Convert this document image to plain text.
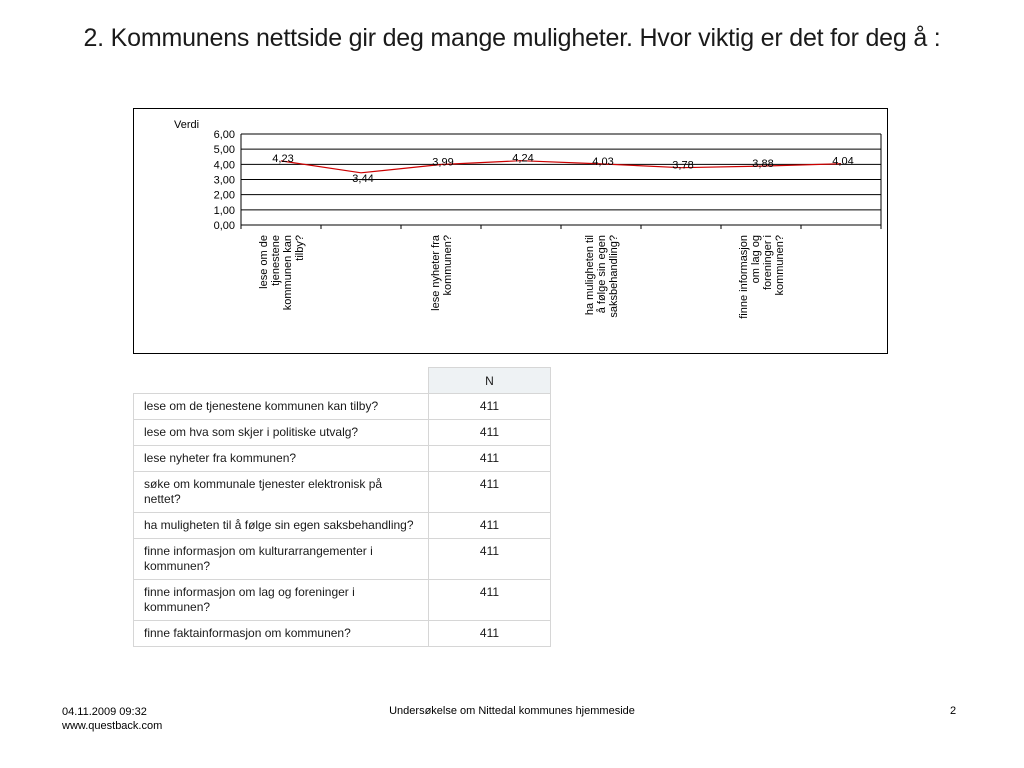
2. Kommunens nettside gir deg mange muligheter. Hvor viktig er det for deg å :
6,00
5,00
4,00
3,00
2,00
1,00
0,00
Verdi
4,23
3,44
3,99	4,24	4,03	3,78	3,88	4,04
lese om de tjenestene kommunen kan tilby?	lese nyheter fra kommunen?	ha muligheten til å følge sin egen saksbehandling?	finne informasjon om lag og foreninger i kommunen?
	N
lese om de tjenestene kommunen kan tilby?	411
lese om hva som skjer i politiske utvalg?	411
lese nyheter fra kommunen?	411
søke om kommunale tjenester elektronisk på nettet?	411
ha muligheten til å følge sin egen saksbehandling?	411
finne informasjon om kulturarrangementer i kommunen?	411
finne informasjon om lag og foreninger i kommunen?	411
finne faktainformasjon om kommunen?	411
04.11.2009 09:32
www.questback.com
Undersøkelse om Nittedal kommunes hjemmeside	2
